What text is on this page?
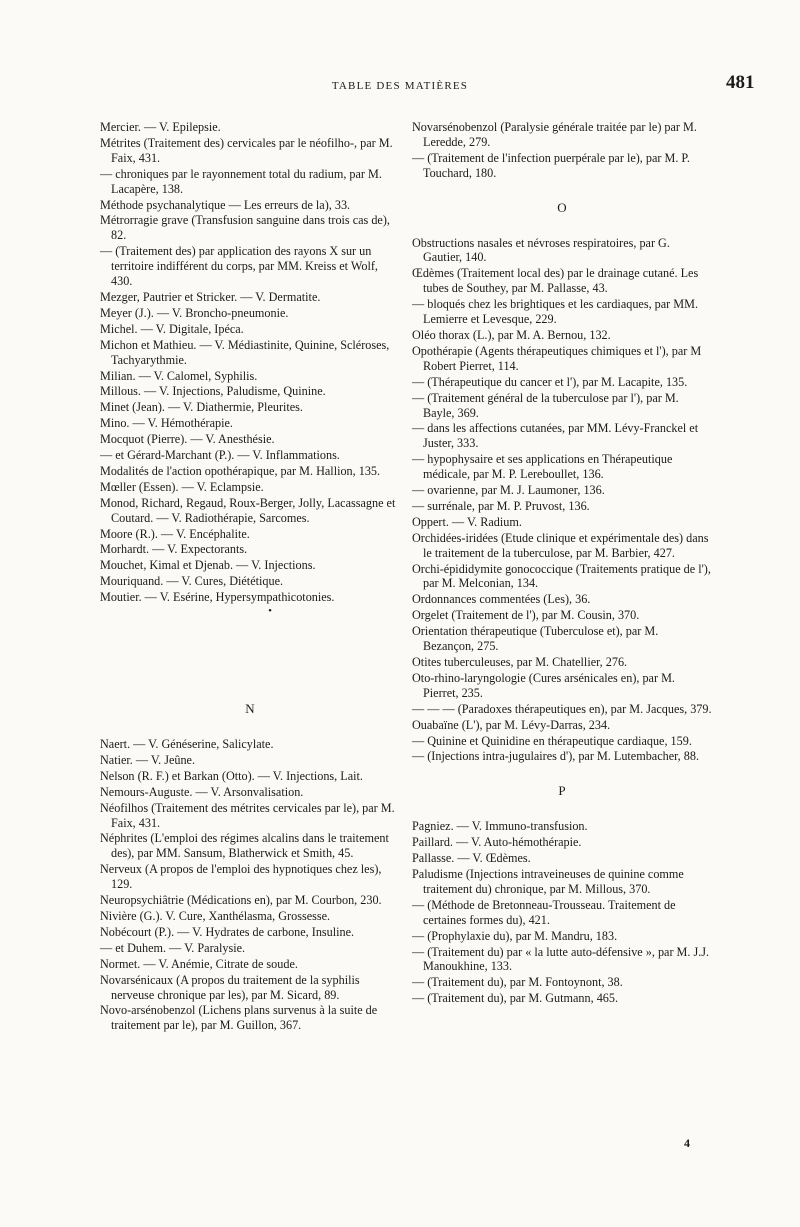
TABLE DES MATIÈRES	481
Mercier. — V. Epilepsie.
Métrites (Traitement des) cervicales par le néofilho-, par M. Faix, 431.
— chroniques par le rayonnement total du radium, par M. Lacapère, 138.
Méthode psychanalytique — Les erreurs de la), 33.
Métrorragie grave (Transfusion sanguine dans trois cas de), 82.
— (Traitement des) par application des rayons X sur un territoire indifférent du corps, par MM. Kreiss et Wolf, 430.
Mezger, Pautrier et Stricker. — V. Dermatite.
Meyer (J.). — V. Broncho-pneumonie.
Michel. — V. Digitale, Ipéca.
Michon et Mathieu. — V. Médiastinite, Quinine, Scléroses, Tachyarythmie.
Milian. — V. Calomel, Syphilis.
Millous. — V. Injections, Paludisme, Quinine.
Minet (Jean). — V. Diathermie, Pleurites.
Mino. — V. Hémothérapie.
Mocquot (Pierre). — V. Anesthésie.
— et Gérard-Marchant (P.). — V. Inflammations.
Modalités de l'action opothérapique, par M. Hallion, 135.
Mœller (Essen). — V. Eclampsie.
Monod, Richard, Regaud, Roux-Berger, Jolly, Lacassagne et Coutard. — V. Radiothérapie, Sarcomes.
Moore (R.). — V. Encéphalite.
Morhardt. — V. Expectorants.
Mouchet, Kimal et Djenab. — V. Injections.
Mouriquand. — V. Cures, Diététique.
Moutier. — V. Esérine, Hypersympathicotonies.
•
N
Naert. — V. Généserine, Salicylate.
Natier. — V. Jeûne.
Nelson (R. F.) et Barkan (Otto). — V. Injections, Lait.
Nemours-Auguste. — V. Arsonvalisation.
Néofilhos (Traitement des métrites cervicales par le), par M. Faix, 431.
Néphrites (L'emploi des régimes alcalins dans le traitement des), par MM. Sansum, Blatherwick et Smith, 45.
Nerveux (A propos de l'emploi des hypnotiques chez les), 129.
Neuropsychiâtrie (Médications en), par M. Courbon, 230.
Nivière (G.). V. Cure, Xanthélasma, Grossesse.
Nobécourt (P.). — V. Hydrates de carbone, Insuline.
— et Duhem. — V. Paralysie.
Normet. — V. Anémie, Citrate de soude.
Novarsénicaux (A propos du traitement de la syphilis nerveuse chronique par les), par M. Sicard, 89.
Novo-arsénobenzol (Lichens plans survenus à la suite de traitement par le), par M. Guillon, 367.
Novarsénobenzol (Paralysie générale traitée par le) par M. Leredde, 279.
— (Traitement de l'infection puerpérale par le), par M. P. Touchard, 180.
O
Obstructions nasales et névroses respiratoires, par G. Gautier, 140.
Œdèmes (Traitement local des) par le drainage cutané. Les tubes de Southey, par M. Pallasse, 43.
— bloqués chez les brightiques et les cardiaques, par MM. Lemierre et Levesque, 229.
Oléo thorax (L.), par M. A. Bernou, 132.
Opothérapie (Agents thérapeutiques chimiques et l'), par M Robert Pierret, 114.
— (Thérapeutique du cancer et l'), par M. Lacapite, 135.
— (Traitement général de la tuberculose par l'), par M. Bayle, 369.
— dans les affections cutanées, par MM. Lévy-Franckel et Juster, 333.
— hypophysaire et ses applications en Thérapeutique médicale, par M. P. Lereboullet, 136.
— ovarienne, par M. J. Laumoner, 136.
— surrénale, par M. P. Pruvost, 136.
Oppert. — V. Radium.
Orchidées-iridées (Etude clinique et expérimentale des) dans le traitement de la tuberculose, par M. Barbier, 427.
Orchi-épididymite gonococcique (Traitements pratique de l'), par M. Melconian, 134.
Ordonnances commentées (Les), 36.
Orgelet (Traitement de l'), par M. Cousin, 370.
Orientation thérapeutique (Tuberculose et), par M. Bezançon, 275.
Otites tuberculeuses, par M. Chatellier, 276.
Oto-rhino-laryngologie (Cures arsénicales en), par M. Pierret, 235.
— — — (Paradoxes thérapeutiques en), par M. Jacques, 379.
Ouabaïne (L'), par M. Lévy-Darras, 234.
— Quinine et Quinidine en thérapeutique cardiaque, 159.
— (Injections intra-jugulaires d'), par M. Lutembacher, 88.
P
Pagniez. — V. Immuno-transfusion.
Paillard. — V. Auto-hémothérapie.
Pallasse. — V. Œdèmes.
Paludisme (Injections intraveineuses de quinine comme traitement du) chronique, par M. Millous, 370.
— (Méthode de Bretonneau-Trousseau. Traitement de certaines formes du), 421.
— (Prophylaxie du), par M. Mandru, 183.
— (Traitement du) par « la lutte auto-défensive », par M. J.J. Manoukhine, 133.
— (Traitement du), par M. Fontoynont, 38.
— (Traitement du), par M. Gutmann, 465.
4
